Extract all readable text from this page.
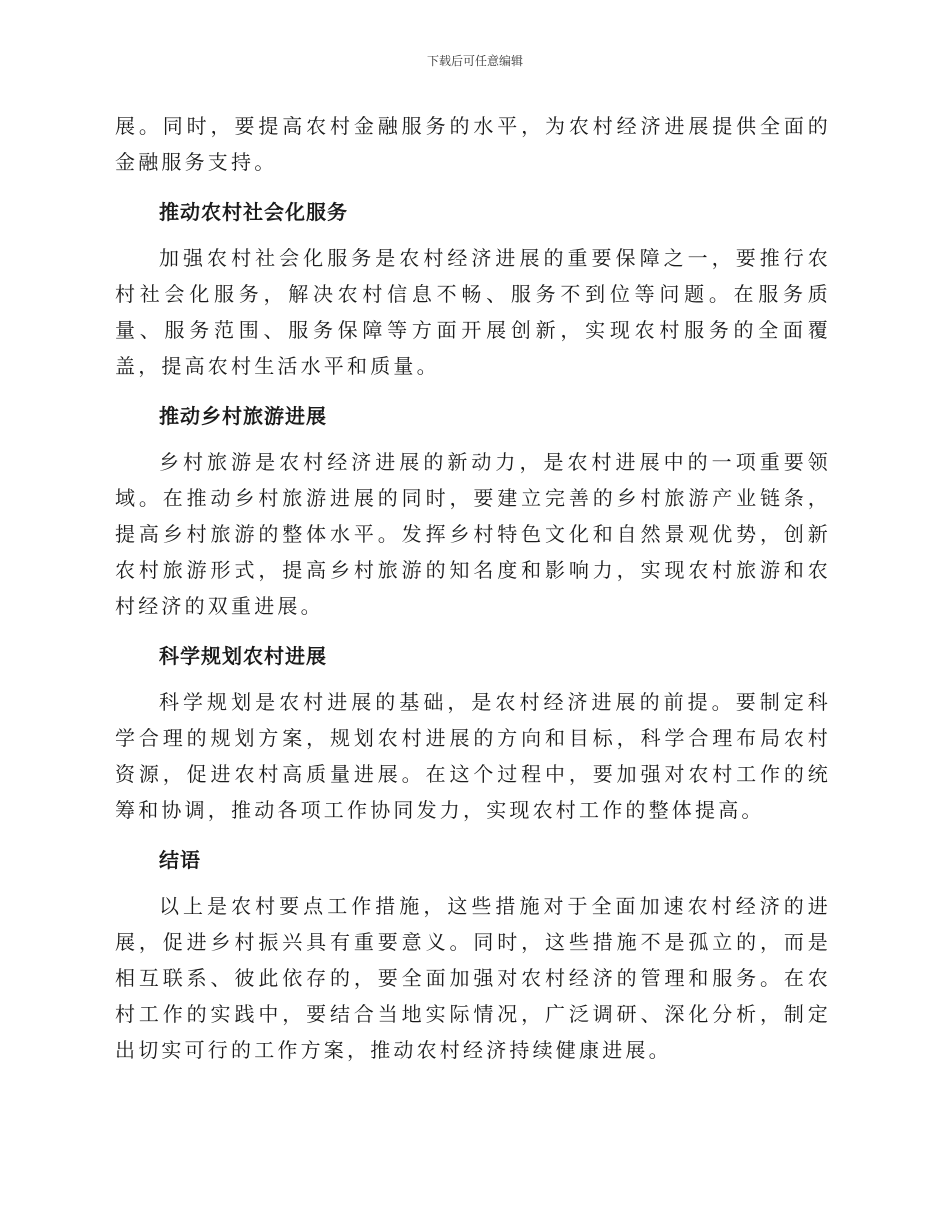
下载后可任意编辑

展。同时，要提高农村金融服务的水平，为农村经济进展提供全面的金融服务支持。

推动农村社会化服务

加强农村社会化服务是农村经济进展的重要保障之一，要推行农村社会化服务，解决农村信息不畅、服务不到位等问题。在服务质量、服务范围、服务保障等方面开展创新，实现农村服务的全面覆盖，提高农村生活水平和质量。

推动乡村旅游进展

乡村旅游是农村经济进展的新动力，是农村进展中的一项重要领域。在推动乡村旅游进展的同时，要建立完善的乡村旅游产业链条，提高乡村旅游的整体水平。发挥乡村特色文化和自然景观优势，创新农村旅游形式，提高乡村旅游的知名度和影响力，实现农村旅游和农村经济的双重进展。

科学规划农村进展

科学规划是农村进展的基础，是农村经济进展的前提。要制定科学合理的规划方案，规划农村进展的方向和目标，科学合理布局农村资源，促进农村高质量进展。在这个过程中，要加强对农村工作的统筹和协调，推动各项工作协同发力，实现农村工作的整体提高。

结语

以上是农村要点工作措施，这些措施对于全面加速农村经济的进展，促进乡村振兴具有重要意义。同时，这些措施不是孤立的，而是相互联系、彼此依存的，要全面加强对农村经济的管理和服务。在农村工作的实践中，要结合当地实际情况，广泛调研、深化分析，制定出切实可行的工作方案，推动农村经济持续健康进展。
